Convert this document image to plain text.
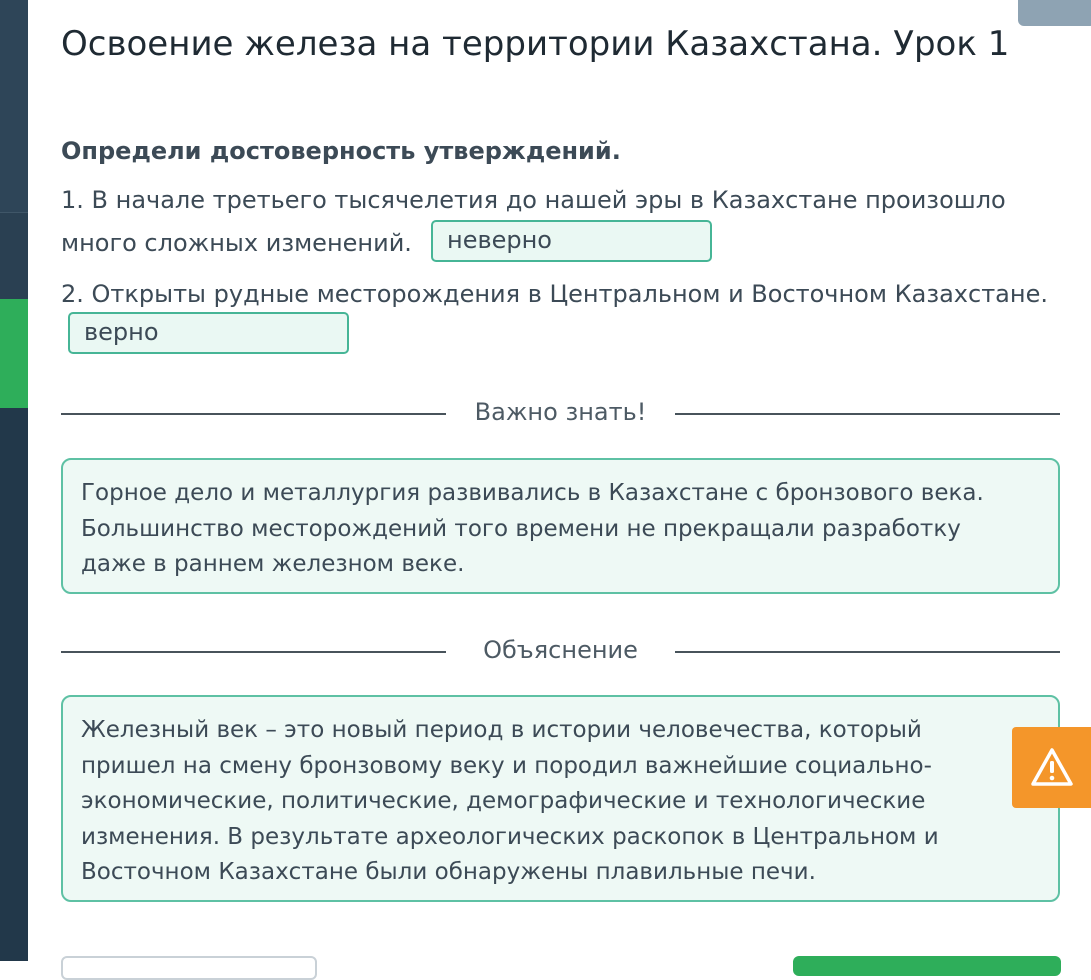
Освоение железа на территории Казахстана. Урок 1
Определи достоверность утверждений.
1. В начале третьего тысячелетия до нашей эры в Казахстане произошло
много сложных изменений.	неверно
2. Открыты рудные месторождения в Центральном и Восточном Казахстане.
верно
Важно знать!
Горное дело и металлургия развивались в Казахстане с бронзового века.
Большинство месторождений того времени не прекращали разработку
даже в раннем железном веке.
Объяснение
Железный век – это новый период в истории человечества, который
пришел на смену бронзовому веку и породил важнейшие социально-
экономические, политические, демографические и технологические
изменения. В результате археологических раскопок в Центральном и
Восточном Казахстане были обнаружены плавильные печи.
